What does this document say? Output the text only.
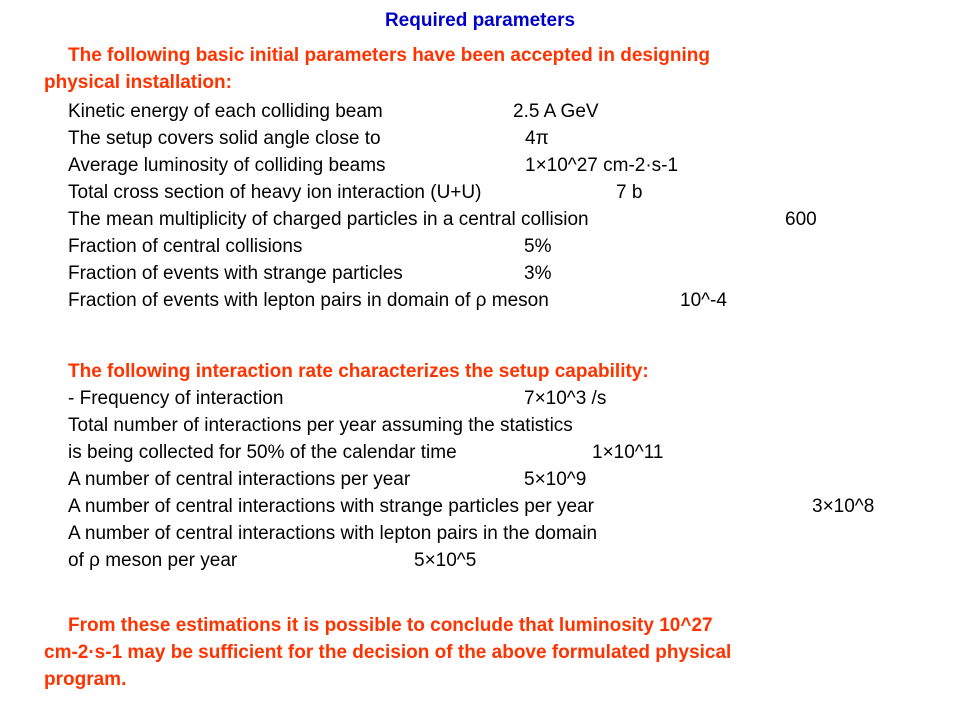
Required parameters
The following basic initial parameters have been accepted in designing
physical installation:
Kinetic energy of each colliding beam	2.5 A GeV
The setup covers solid angle close to	4π
Average luminosity of colliding beams	1×10^27 cm-2·s-1
Total cross section of heavy ion interaction (U+U)	7 b
The mean multiplicity of charged particles in a central collision	600
Fraction of central collisions	5%
Fraction of events with strange particles	3%
Fraction of events with lepton pairs in domain of ρ meson	10^-4
The following interaction rate characterizes the setup capability:
- Frequency of interaction	7×10^3 /s
Total number of interactions per year assuming the statistics
is being collected for 50% of the calendar time	1×10^11
A number of central interactions per year	5×10^9
A number of central interactions with strange particles per year	3×10^8
A number of central interactions with lepton pairs in the domain
of ρ meson per year	5×10^5
From these estimations it is possible to conclude that luminosity 10^27
cm-2·s-1 may be sufficient for the decision of the above formulated physical
program.
